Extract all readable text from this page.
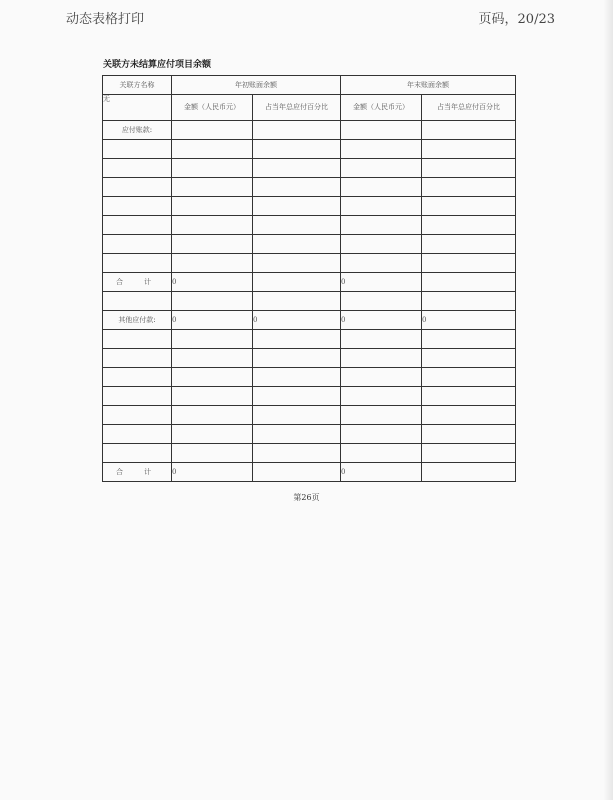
动态表格打印	页码，20/23
关联方未结算应付项目余额
关联方名称	年初账面余额		年末账面余额	
无	金额（人民币元）	占当年总应付百分比	金额（人民币元）	占当年总应付百分比
应付账款:				

合　计	0		0	

其他应付款:	0	0	0	0

合　计	0		0	
第26页
